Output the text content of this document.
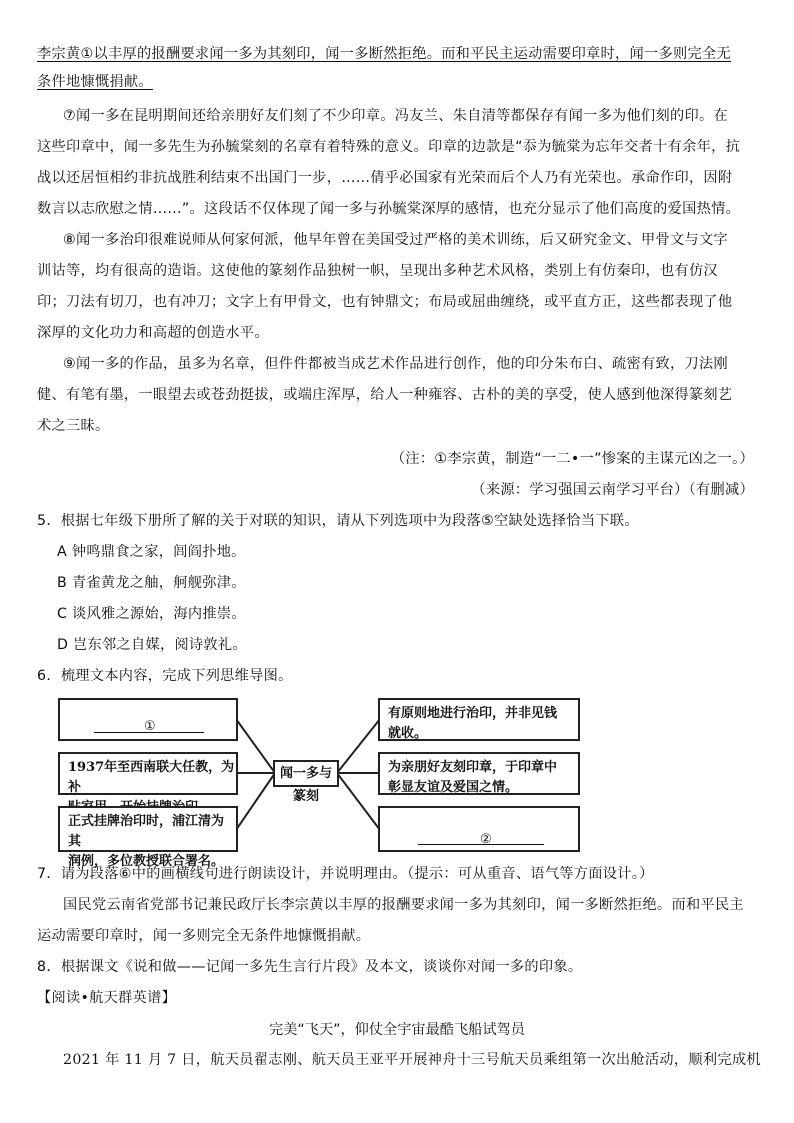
李宗黄①以丰厚的报酬要求闻一多为其刻印，闻一多断然拒绝。而和平民主运动需要印章时，闻一多则完全无
条件地慷慨捐献。
⑦闻一多在昆明期间还给亲朋好友们刻了不少印章。冯友兰、朱自清等都保存有闻一多为他们刻的印。在
这些印章中，闻一多先生为孙毓棠刻的名章有着特殊的意义。印章的边款是“忝为毓棠为忘年交者十有余年，抗
战以还居恒相约非抗战胜利结束不出国门一步，……倩乎必国家有光荣而后个人乃有光荣也。承命作印，因附
数言以志欣慰之情……”。这段话不仅体现了闻一多与孙毓棠深厚的感情，也充分显示了他们高度的爱国热情。
⑧闻一多治印很难说师从何家何派，他早年曾在美国受过严格的美术训练，后又研究金文、甲骨文与文字
训诂等，均有很高的造诣。这使他的篆刻作品独树一帜，呈现出多种艺术风格，类别上有仿秦印，也有仿汉
印；刀法有切刀，也有冲刀；文字上有甲骨文，也有钟鼎文；布局或屈曲缠绕，或平直方正，这些都表现了他
深厚的文化功力和高超的创造水平。
⑨闻一多的作品，虽多为名章，但件件都被当成艺术作品进行创作，他的印分朱布白、疏密有致，刀法刚
健、有笔有墨，一眼望去或苍劲挺拔，或端庄浑厚，给人一种雍容、古朴的美的享受，使人感到他深得篆刻艺
术之三昧。
（注：①李宗黄，制造“一二•一”惨案的主谋元凶之一。）
（来源：学习强国云南学习平台）（有删减）
5．根据七年级下册所了解的关于对联的知识，请从下列选项中为段落⑤空缺处选择恰当下联。
A 钟鸣鼎食之家，闾阎扑地。
B 青雀黄龙之舳，舸舰弥津。
C 谈风雅之源始，海内推崇。
D 岂东邻之自媒，阅诗敦礼。
6．梳理文本内容，完成下列思维导图。
①
1937年至西南联大任教，为补

正式挂牌治印时，浦江清为其
润例，多位教授联合署名。
闻一多与篆刻
有原则地进行治印，并非见钱
就收。
为亲朋好友刻印章，于印章中
彰显友谊及爱国之情。
②
7．请为段落⑥中的画横线句进行朗读设计，并说明理由。（提示：可从重音、语气等方面设计。）
国民党云南省党部书记兼民政厅长李宗黄以丰厚的报酬要求闻一多为其刻印，闻一多断然拒绝。而和平民主
运动需要印章时，闻一多则完全无条件地慷慨捐献。
8．根据课文《说和做——记闻一多先生言行片段》及本文，谈谈你对闻一多的印象。
【阅读•航天群英谱】
完美“飞天”，仰仗全宇宙最酷飞船试驾员
2021 年 11 月 7 日，航天员翟志刚、航天员王亚平开展神舟十三号航天员乘组第一次出舱活动，顺利完成机
